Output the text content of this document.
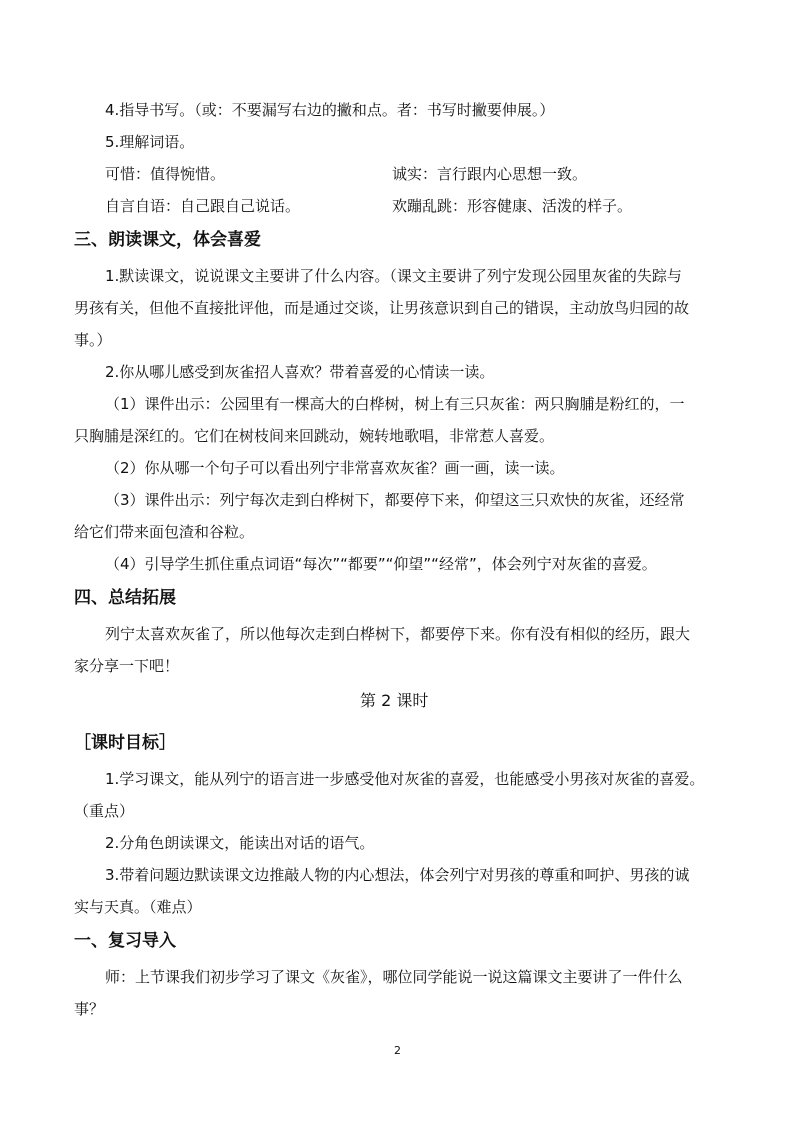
4.指导书写。（或：不要漏写右边的撇和点。者：书写时撇要伸展。）
5.理解词语。
可惜：值得惋惜。	诚实：言行跟内心思想一致。
自言自语：自己跟自己说话。	欢蹦乱跳：形容健康、活泼的样子。
三、朗读课文，体会喜爱
1.默读课文，说说课文主要讲了什么内容。（课文主要讲了列宁发现公园里灰雀的失踪与
男孩有关，但他不直接批评他，而是通过交谈，让男孩意识到自己的错误，主动放鸟归园的故
事。）
2.你从哪儿感受到灰雀招人喜欢？带着喜爱的心情读一读。
（1）课件出示：公园里有一棵高大的白桦树，树上有三只灰雀：两只胸脯是粉红的，一
只胸脯是深红的。它们在树枝间来回跳动，婉转地歌唱，非常惹人喜爱。
（2）你从哪一个句子可以看出列宁非常喜欢灰雀？画一画，读一读。
（3）课件出示：列宁每次走到白桦树下，都要停下来，仰望这三只欢快的灰雀，还经常
给它们带来面包渣和谷粒。
（4）引导学生抓住重点词语“每次”“都要”“仰望”“经常”，体会列宁对灰雀的喜爱。
四、总结拓展
列宁太喜欢灰雀了，所以他每次走到白桦树下，都要停下来。你有没有相似的经历，跟大
家分享一下吧！
第 2 课时
［课时目标］
1.学习课文，能从列宁的语言进一步感受他对灰雀的喜爱，也能感受小男孩对灰雀的喜爱。
（重点）
2.分角色朗读课文，能读出对话的语气。
3.带着问题边默读课文边推敲人物的内心想法，体会列宁对男孩的尊重和呵护、男孩的诚
实与天真。（难点）
一、复习导入
师：上节课我们初步学习了课文《灰雀》，哪位同学能说一说这篇课文主要讲了一件什么
事？
2
